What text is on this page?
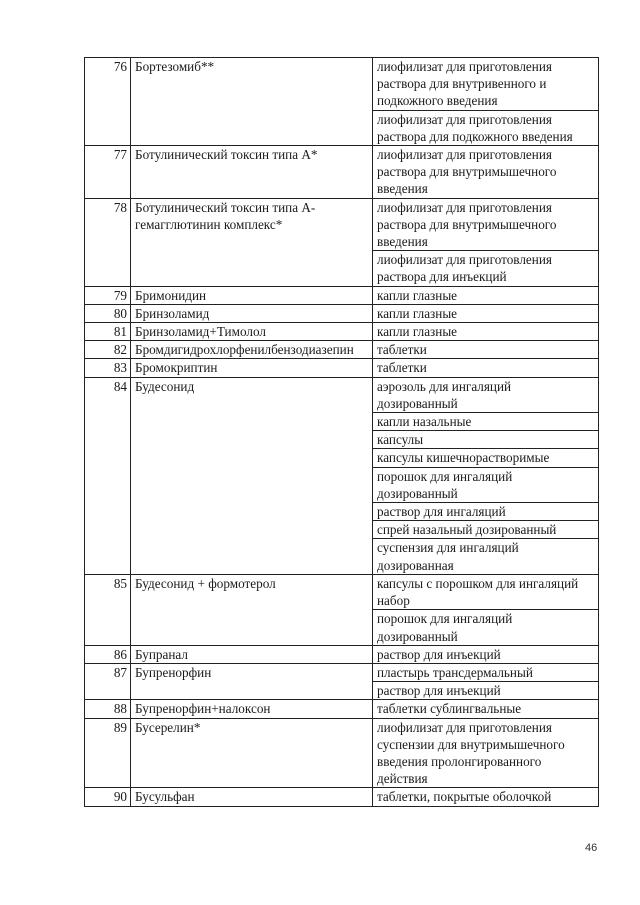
76	Бортезомиб**	лиофилизат для приготовления раствора для внутривенного и подкожного введения
		лиофилизат для приготовления раствора для подкожного введения
77	Ботулинический токсин типа А*	лиофилизат для приготовления раствора для внутримышечного введения
78	Ботулинический токсин типа А-гемагглютинин комплекс*	лиофилизат для приготовления раствора для внутримышечного введения
		лиофилизат для приготовления раствора для инъекций
79	Бримонидин	капли глазные
80	Бринзоламид	капли глазные
81	Бринзоламид+Тимолол	капли глазные
82	Бромдигидрохлорфенилбензодиазепин	таблетки
83	Бромокриптин	таблетки
84	Будесонид	аэрозоль для ингаляций дозированный
		капли назальные
		капсулы
		капсулы кишечнорастворимые
		порошок для ингаляций дозированный
		раствор для ингаляций
		спрей назальный дозированный
		суспензия для ингаляций дозированная
85	Будесонид + формотерол	капсулы с порошком для ингаляций набор
		порошок для ингаляций дозированный
86	Бупранал	раствор для инъекций
87	Бупренорфин	пластырь трансдермальный
		раствор для инъекций
88	Бупренорфин+налоксон	таблетки сублингвальные
89	Бусерелин*	лиофилизат для приготовления суспензии для внутримышечного введения пролонгированного действия
90	Бусульфан	таблетки, покрытые оболочкой
46
